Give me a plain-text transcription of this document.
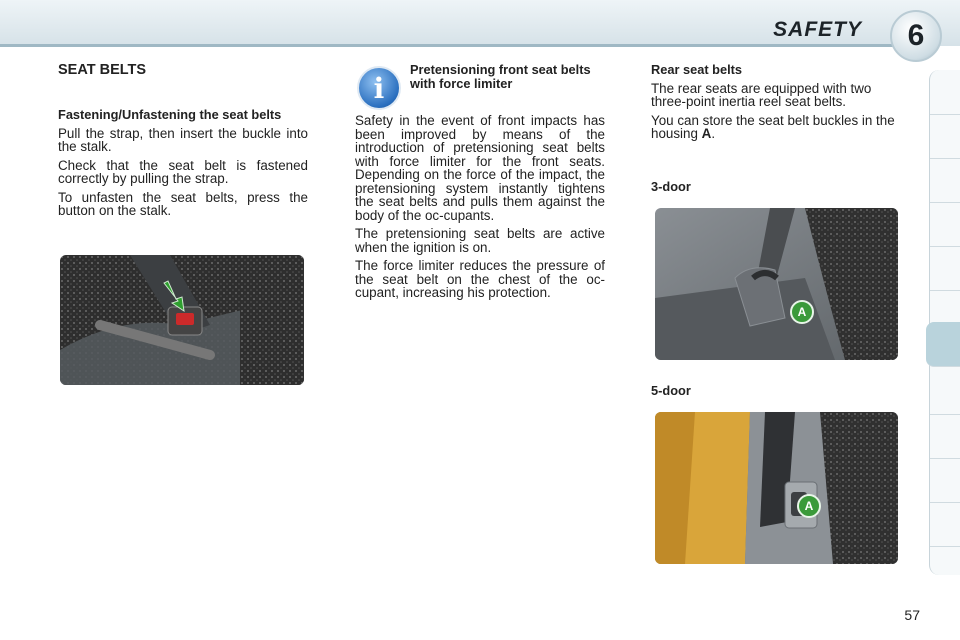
SAFETY	6
SEAT BELTS

Fastening/Unfastening the seat belts

Pull the strap, then insert the buckle into the stalk.

Check that the seat belt is fastened correctly by pulling the strap.

To unfasten the seat belts, press the button on the stalk.

i

Pretensioning front seat belts with force limiter

Safety in the event of front impacts has been improved by means of the introduction of pretensioning seat belts with force limiter for the front seats. Depending on the force of the impact, the pretensioning system instantly tightens the seat belts and pulls them against the body of the oc-cupants.

The pretensioning seat belts are active when the ignition is on.

The force limiter reduces the pressure of the seat belt on the chest of the oc-cupant, increasing his protection.

Rear seat belts

The rear seats are equipped with two three-point inertia reel seat belts.

You can store the seat belt buckles in the housing A.

3-door

A

5-door

A
57
